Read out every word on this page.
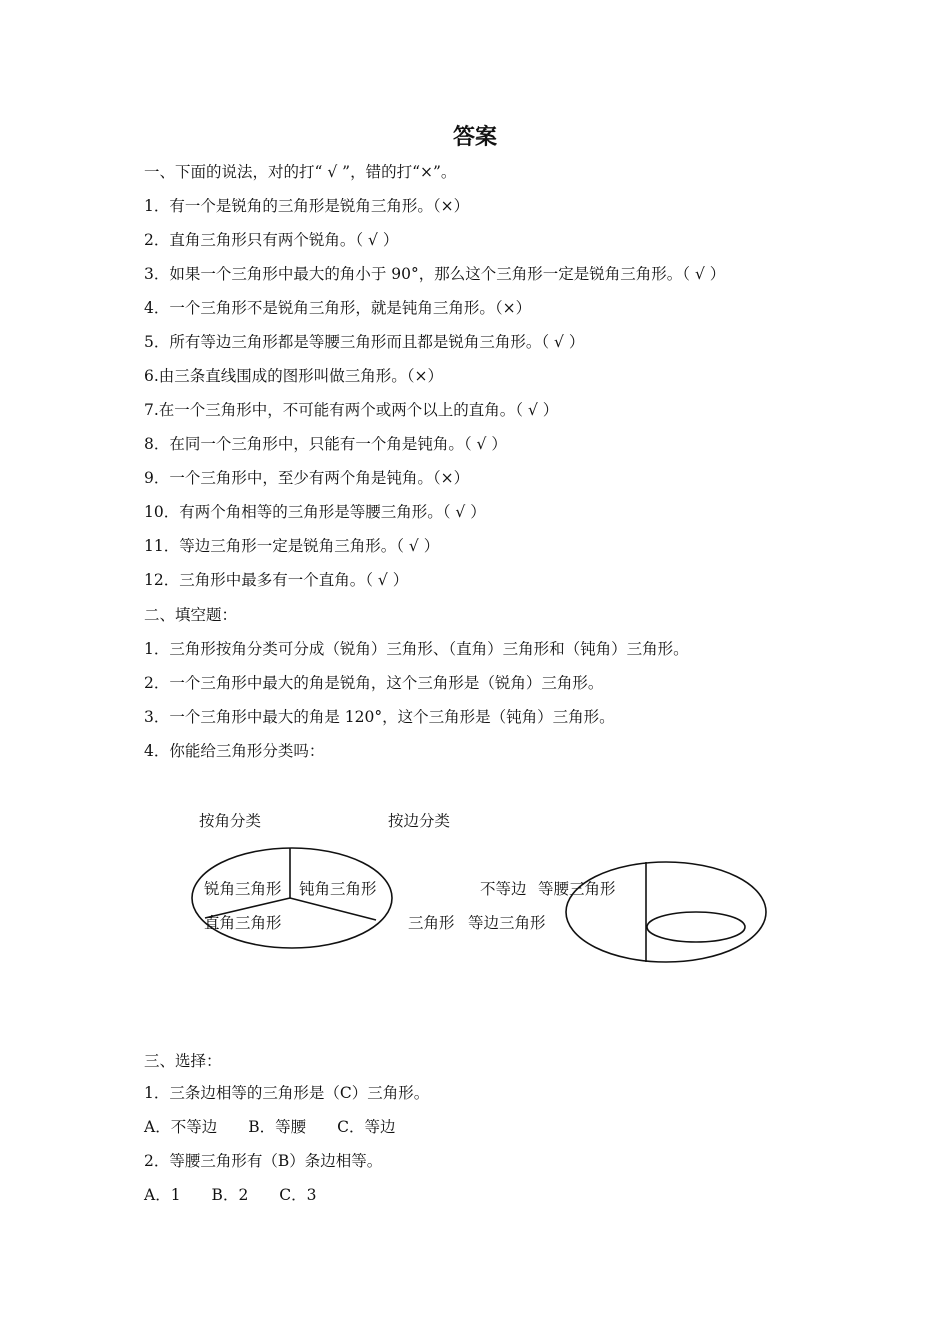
答案
一、下面的说法，对的打“ √ ”，错的打“×”。
1．有一个是锐角的三角形是锐角三角形。（×）
2．直角三角形只有两个锐角。（ √ ）
3．如果一个三角形中最大的角小于 90°，那么这个三角形一定是锐角三角形。（ √ ）
4．一个三角形不是锐角三角形，就是钝角三角形。（×）
5．所有等边三角形都是等腰三角形而且都是锐角三角形。（ √ ）
6.由三条直线围成的图形叫做三角形。（×）
7.在一个三角形中，不可能有两个或两个以上的直角。（ √ ）
8．在同一个三角形中，只能有一个角是钝角。（ √ ）
9．一个三角形中，至少有两个角是钝角。（×）
10．有两个角相等的三角形是等腰三角形。（ √ ）
11．等边三角形一定是锐角三角形。（ √ ）
12．三角形中最多有一个直角。（ √ ）
二、填空题：
1．三角形按角分类可分成（锐角）三角形、（直角）三角形和（钝角）三角形。
2．一个三角形中最大的角是锐角，这个三角形是（锐角）三角形。
3．一个三角形中最大的角是 120°，这个三角形是（钝角）三角形。
4．你能给三角形分类吗：
按角分类	按边分类
锐角三角形 钝角三角形
直角三角形
不等边 等腰三角形
三角形 等边三角形
三、选择：
1．三条边相等的三角形是（C）三角形。
A．不等边　　B．等腰　　C．等边
2．等腰三角形有（B）条边相等。
A．1　　B．2　　C．3
